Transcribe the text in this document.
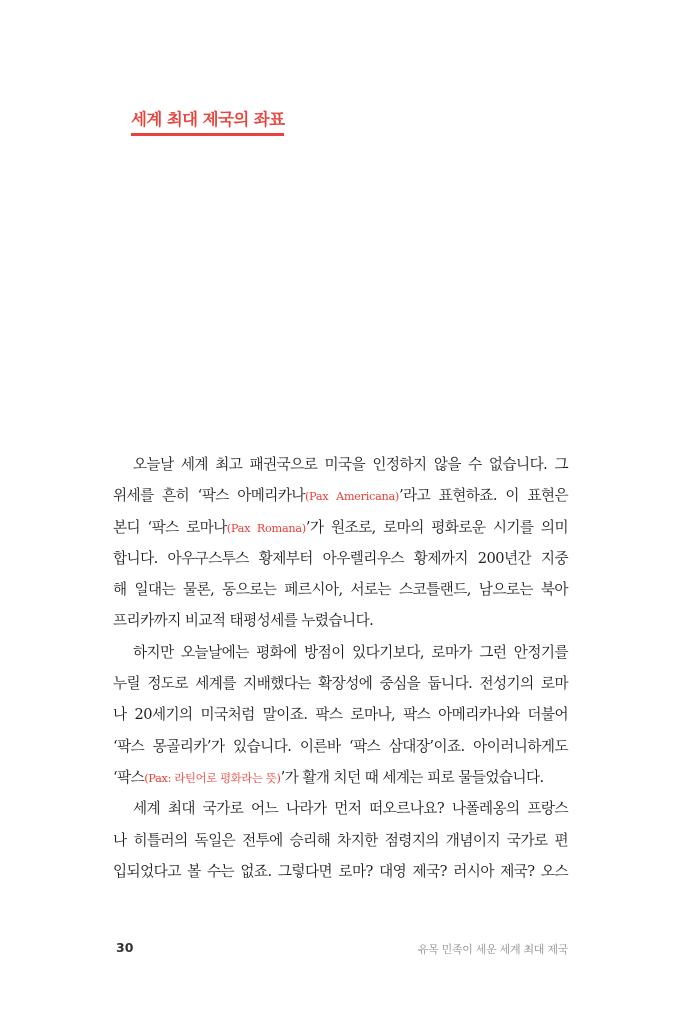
세계 최대 제국의 좌표
오늘날 세계 최고 패권국으로 미국을 인정하지 않을 수 없습니다. 그
위세를 흔히 ‘팍스 아메리카나(Pax Americana)’라고 표현하죠. 이 표현은
본디 ‘팍스 로마나(Pax Romana)’가 원조로, 로마의 평화로운 시기를 의미
합니다. 아우구스투스 황제부터 아우렐리우스 황제까지 200년간 지중
해 일대는 물론, 동으로는 페르시아, 서로는 스코틀랜드, 남으로는 북아
프리카까지 비교적 태평성세를 누렸습니다.
하지만 오늘날에는 평화에 방점이 있다기보다, 로마가 그런 안정기를
누릴 정도로 세계를 지배했다는 확장성에 중심을 둡니다. 전성기의 로마
나 20세기의 미국처럼 말이죠. 팍스 로마나, 팍스 아메리카나와 더불어
‘팍스 몽골리카’가 있습니다. 이른바 ‘팍스 삼대장’이죠. 아이러니하게도
‘팍스(Pax: 라틴어로 평화라는 뜻)’가 활개 치던 때 세계는 피로 물들었습니다.
세계 최대 국가로 어느 나라가 먼저 떠오르나요? 나폴레옹의 프랑스
나 히틀러의 독일은 전투에 승리해 차지한 점령지의 개념이지 국가로 편
입되었다고 볼 수는 없죠. 그렇다면 로마? 대영 제국? 러시아 제국? 오스
30	유목 민족이 세운 세계 최대 제국
